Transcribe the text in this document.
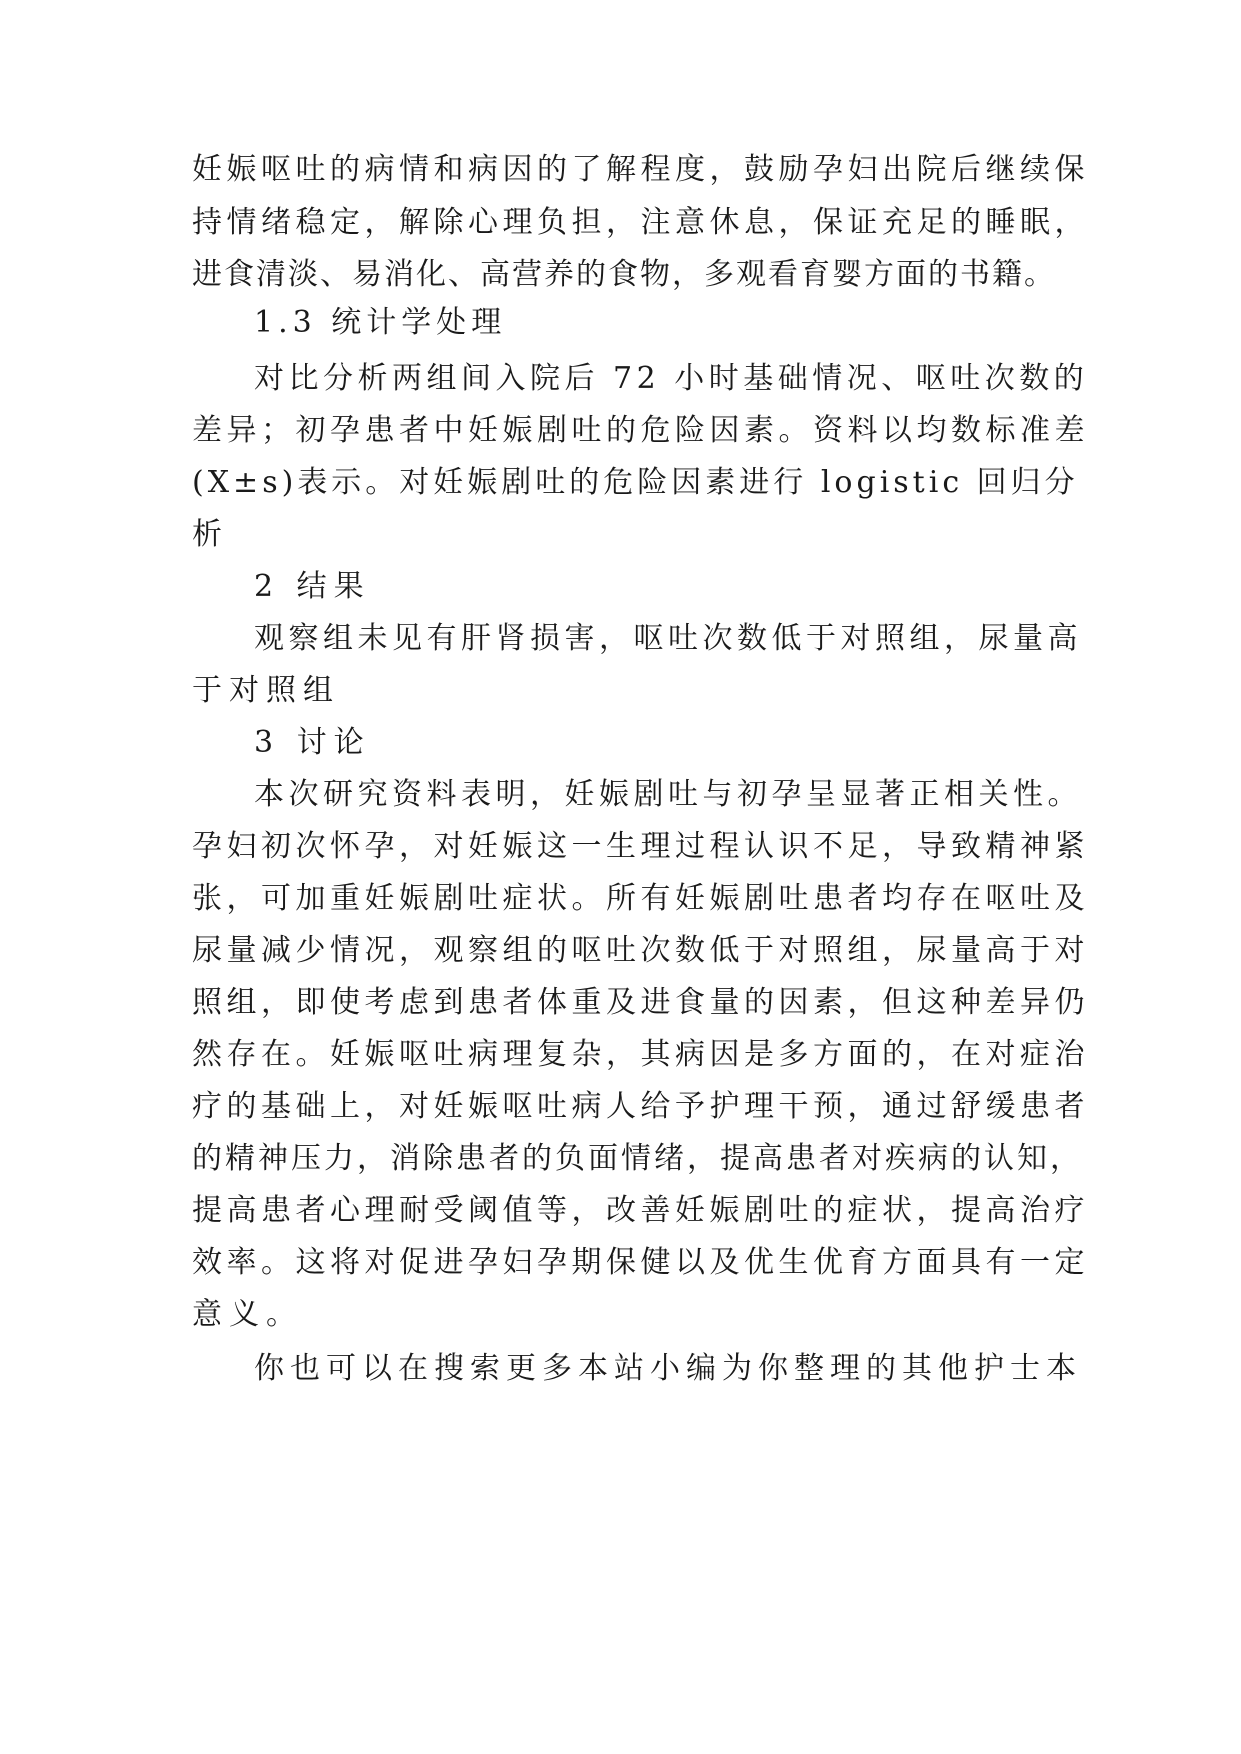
妊娠呕吐的病情和病因的了解程度，鼓励孕妇出院后继续保
持情绪稳定，解除心理负担，注意休息，保证充足的睡眠，
进食清淡、易消化、高营养的食物，多观看育婴方面的书籍。
1.3 统计学处理
对比分析两组间入院后 72 小时基础情况、呕吐次数的
差异；初孕患者中妊娠剧吐的危险因素。资料以均数标准差
(X±s)表示。对妊娠剧吐的危险因素进行 logistic 回归分
析
2 结果
观察组未见有肝肾损害，呕吐次数低于对照组，尿量高
于对照组
3 讨论
本次研究资料表明，妊娠剧吐与初孕呈显著正相关性。
孕妇初次怀孕，对妊娠这一生理过程认识不足，导致精神紧
张，可加重妊娠剧吐症状。所有妊娠剧吐患者均存在呕吐及
尿量减少情况，观察组的呕吐次数低于对照组，尿量高于对
照组，即使考虑到患者体重及进食量的因素，但这种差异仍
然存在。妊娠呕吐病理复杂，其病因是多方面的，在对症治
疗的基础上，对妊娠呕吐病人给予护理干预，通过舒缓患者
的精神压力，消除患者的负面情绪，提高患者对疾病的认知，
提高患者心理耐受阈值等，改善妊娠剧吐的症状，提高治疗
效率。这将对促进孕妇孕期保健以及优生优育方面具有一定
意义。
你也可以在搜索更多本站小编为你整理的其他护士本
